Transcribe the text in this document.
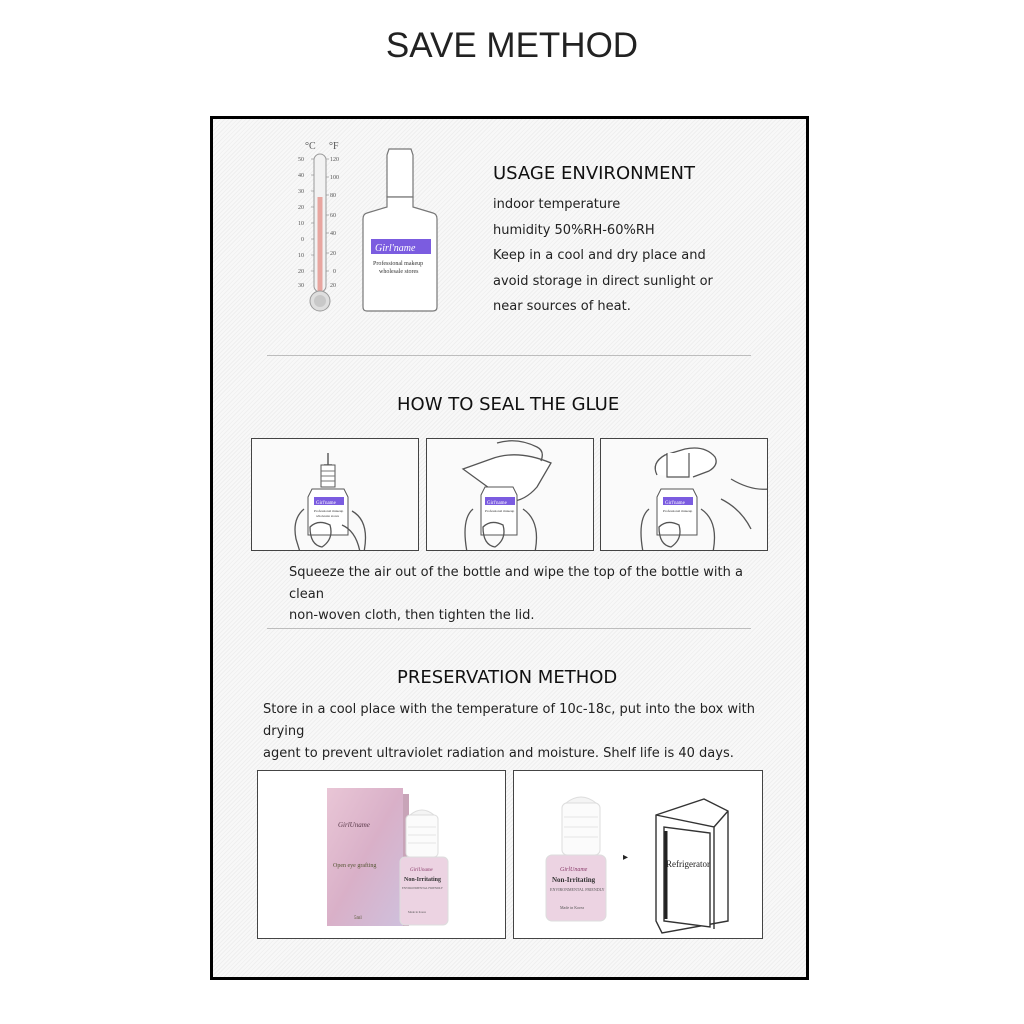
SAVE METHOD
°C °F
50
40
30
20
10
0
10
20
30
120
100
80
60
40
20
0
20
Girl'name
Professional makeup
wholesale stores
USAGE ENVIRONMENT
indoor temperature
humidity 50%RH-60%RH
Keep in a cool and dry place and
avoid storage in direct sunlight or
near sources of heat.
HOW TO SEAL THE GLUE
Girl'name
Professional makeup
wholesale stores
Girl'name
Professional makeup
Girl'name
Professional makeup
Squeeze the air out of the bottle and wipe the top of the bottle with a clean
non-woven cloth, then tighten the lid.
PRESERVATION METHOD
Store in a cool place with the temperature of 10c-18c, put into the box with drying
agent to prevent ultraviolet radiation and moisture. Shelf life is 40 days.
GirlUname
Open eye grafting
5ml
GirlUname
Non-Irritating
ENVIRONMENTAL FRIENDLY
Made in Korea
GirlUname
Non-Irritating
ENVIRONMENTAL FRIENDLY
Made in Korea
▸
Refrigerator
